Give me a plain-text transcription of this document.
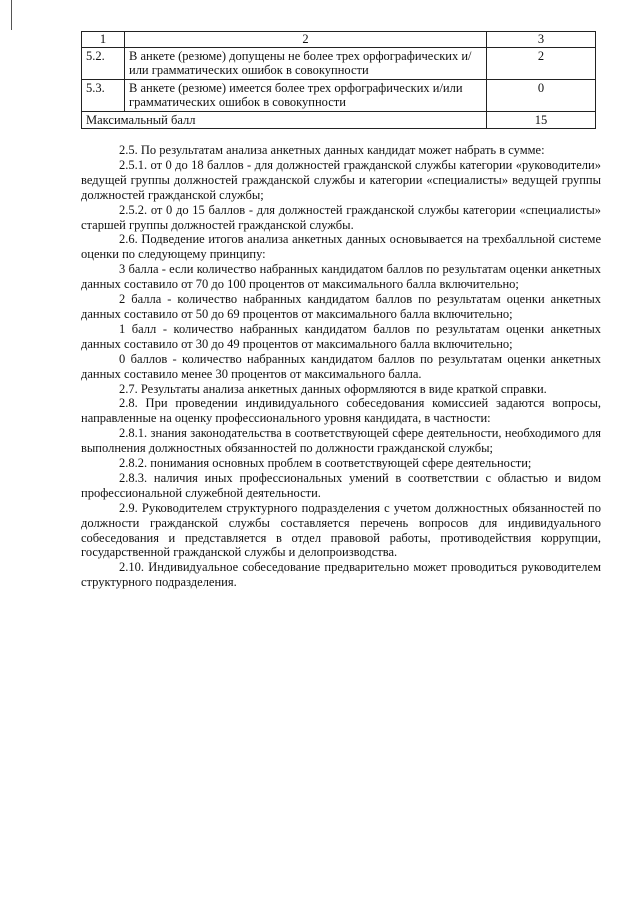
1	2	3
5.2.	В анкете (резюме) допущены не более трех орфографических и/или грамматических ошибок в совокупности	2
5.3.	В анкете (резюме) имеется более трех орфографических и/или грамматических ошибок в совокупности	0
Максимальный балл		15

2.5. По результатам анализа анкетных данных кандидат может набрать в сумме:

2.5.1. от 0 до 18 баллов - для должностей гражданской службы категории «руководители» ведущей группы должностей гражданской службы и категории «специалисты» ведущей группы должностей гражданской службы;

2.5.2. от 0 до 15 баллов - для должностей гражданской службы категории «специалисты» старшей группы должностей гражданской службы.

2.6. Подведение итогов анализа анкетных данных основывается на трехбалльной системе оценки по следующему принципу:

3 балла - если количество набранных кандидатом баллов по результатам оценки анкетных данных составило от 70 до 100 процентов от максимального балла включительно;

2 балла - количество набранных кандидатом баллов по результатам оценки анкетных данных составило от 50 до 69 процентов от максимального балла включительно;

1 балл - количество набранных кандидатом баллов по результатам оценки анкетных данных составило от 30 до 49 процентов от максимального балла включительно;

0 баллов - количество набранных кандидатом баллов по результатам оценки анкетных данных составило менее 30 процентов от максимального балла.

2.7. Результаты анализа анкетных данных оформляются в виде краткой справки.

2.8. При проведении индивидуального собеседования комиссией задаются вопросы, направленные на оценку профессионального уровня кандидата, в частности:

2.8.1. знания законодательства в соответствующей сфере деятельности, необходимого для выполнения должностных обязанностей по должности гражданской службы;

2.8.2. понимания основных проблем в соответствующей сфере деятельности;

2.8.3. наличия иных профессиональных умений в соответствии с областью и видом профессиональной служебной деятельности.

2.9. Руководителем структурного подразделения с учетом должностных обязанностей по должности гражданской службы составляется перечень вопросов для индивидуального собеседования и представляется в отдел правовой работы, противодействия коррупции, государственной гражданской службы и делопроизводства.

2.10. Индивидуальное собеседование предварительно может проводиться руководителем структурного подразделения.
